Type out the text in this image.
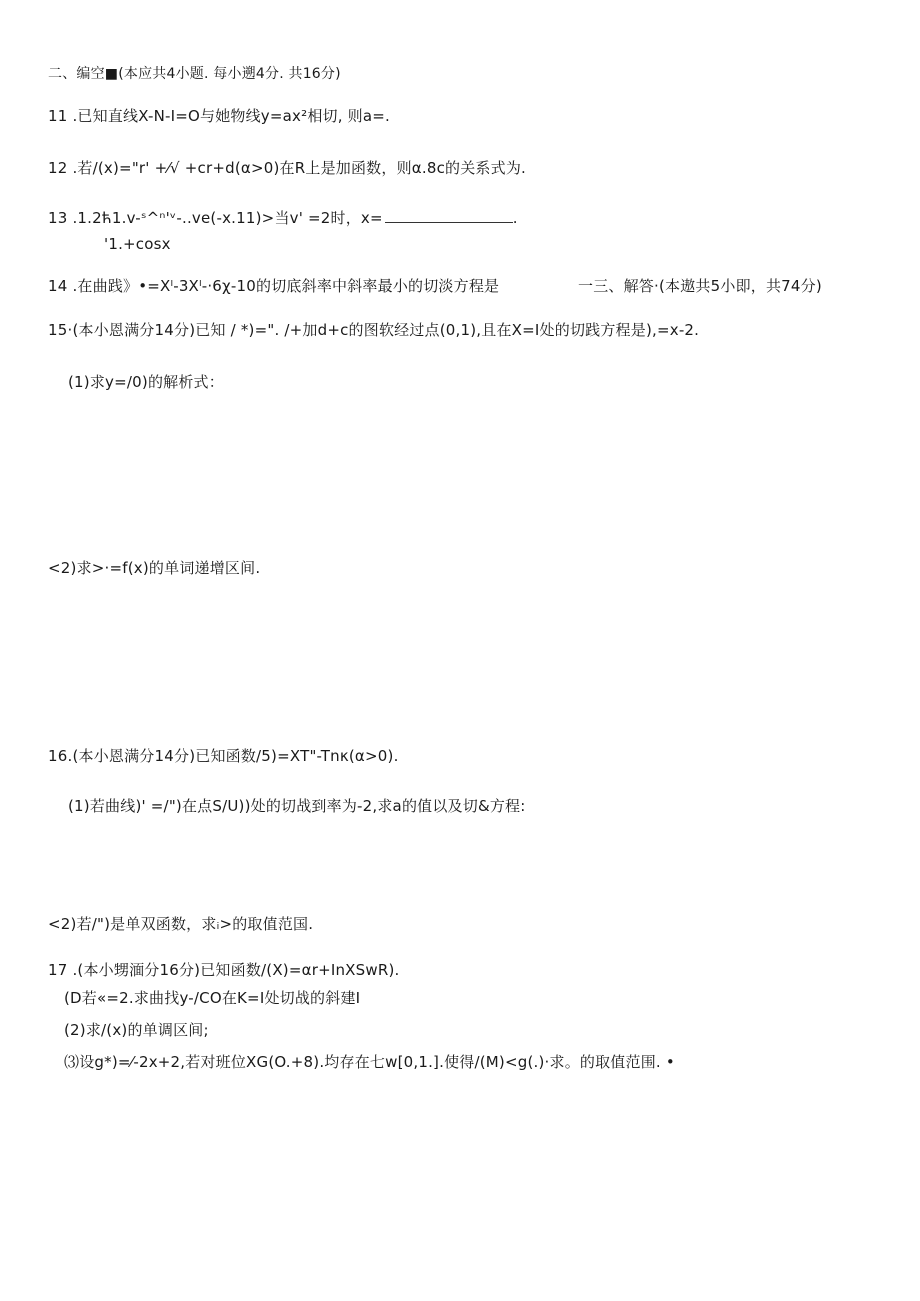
二、编空■(本应共4小题. 每小遡4分. 共16分)
11 .已知直线X-N-I=O与她物线y=ax²相切, 则a=.
12 .若/(x)="r' +⁄√ +cr+d(α>0)在R上是加函数，则α.8c的关系式为.
13 .1.2ћ1.v-ˢ^ⁿ'ᵛ-..ve(-x.11)>当v' =2时，x=	.
'1.+cosx
14 .在曲践》•=Xˡ-3Xˡ-·6χ-10的切底斜率中斜率最小的切淡方程是	一三、解答·(本遨共5小即，共74分)
15·(本小恩满分14分)已知 / *)=". /+加d+c的图软经过点(0,1),且在X=I处的切践方程是),=x-2.
(1)求y=/0)的解析式：
<2)求>·=f(x)的单词递增区间.
16.(本小恩满分14分)已知函数/5)=XT"-Tnκ(α>0).
(1)若曲线)' =/")在点S/U))处的切战到率为-2,求a的值以及切&方程:
<2)若/")是单双函数，求ᵢ>的取值范国.
17 .(本小甥湎分16分)已知函数/(X)=αr+InXSwR).
(D若«=2.求曲找y-/CO在K=I处切战的斜建I
(2)求/(x)的单调区间;
⑶设g*)=⁄-2x+2,若对班位XG(O.+8).均存在七w[0,1.].使得/(M)<g(.)·求。的取值范围. •
